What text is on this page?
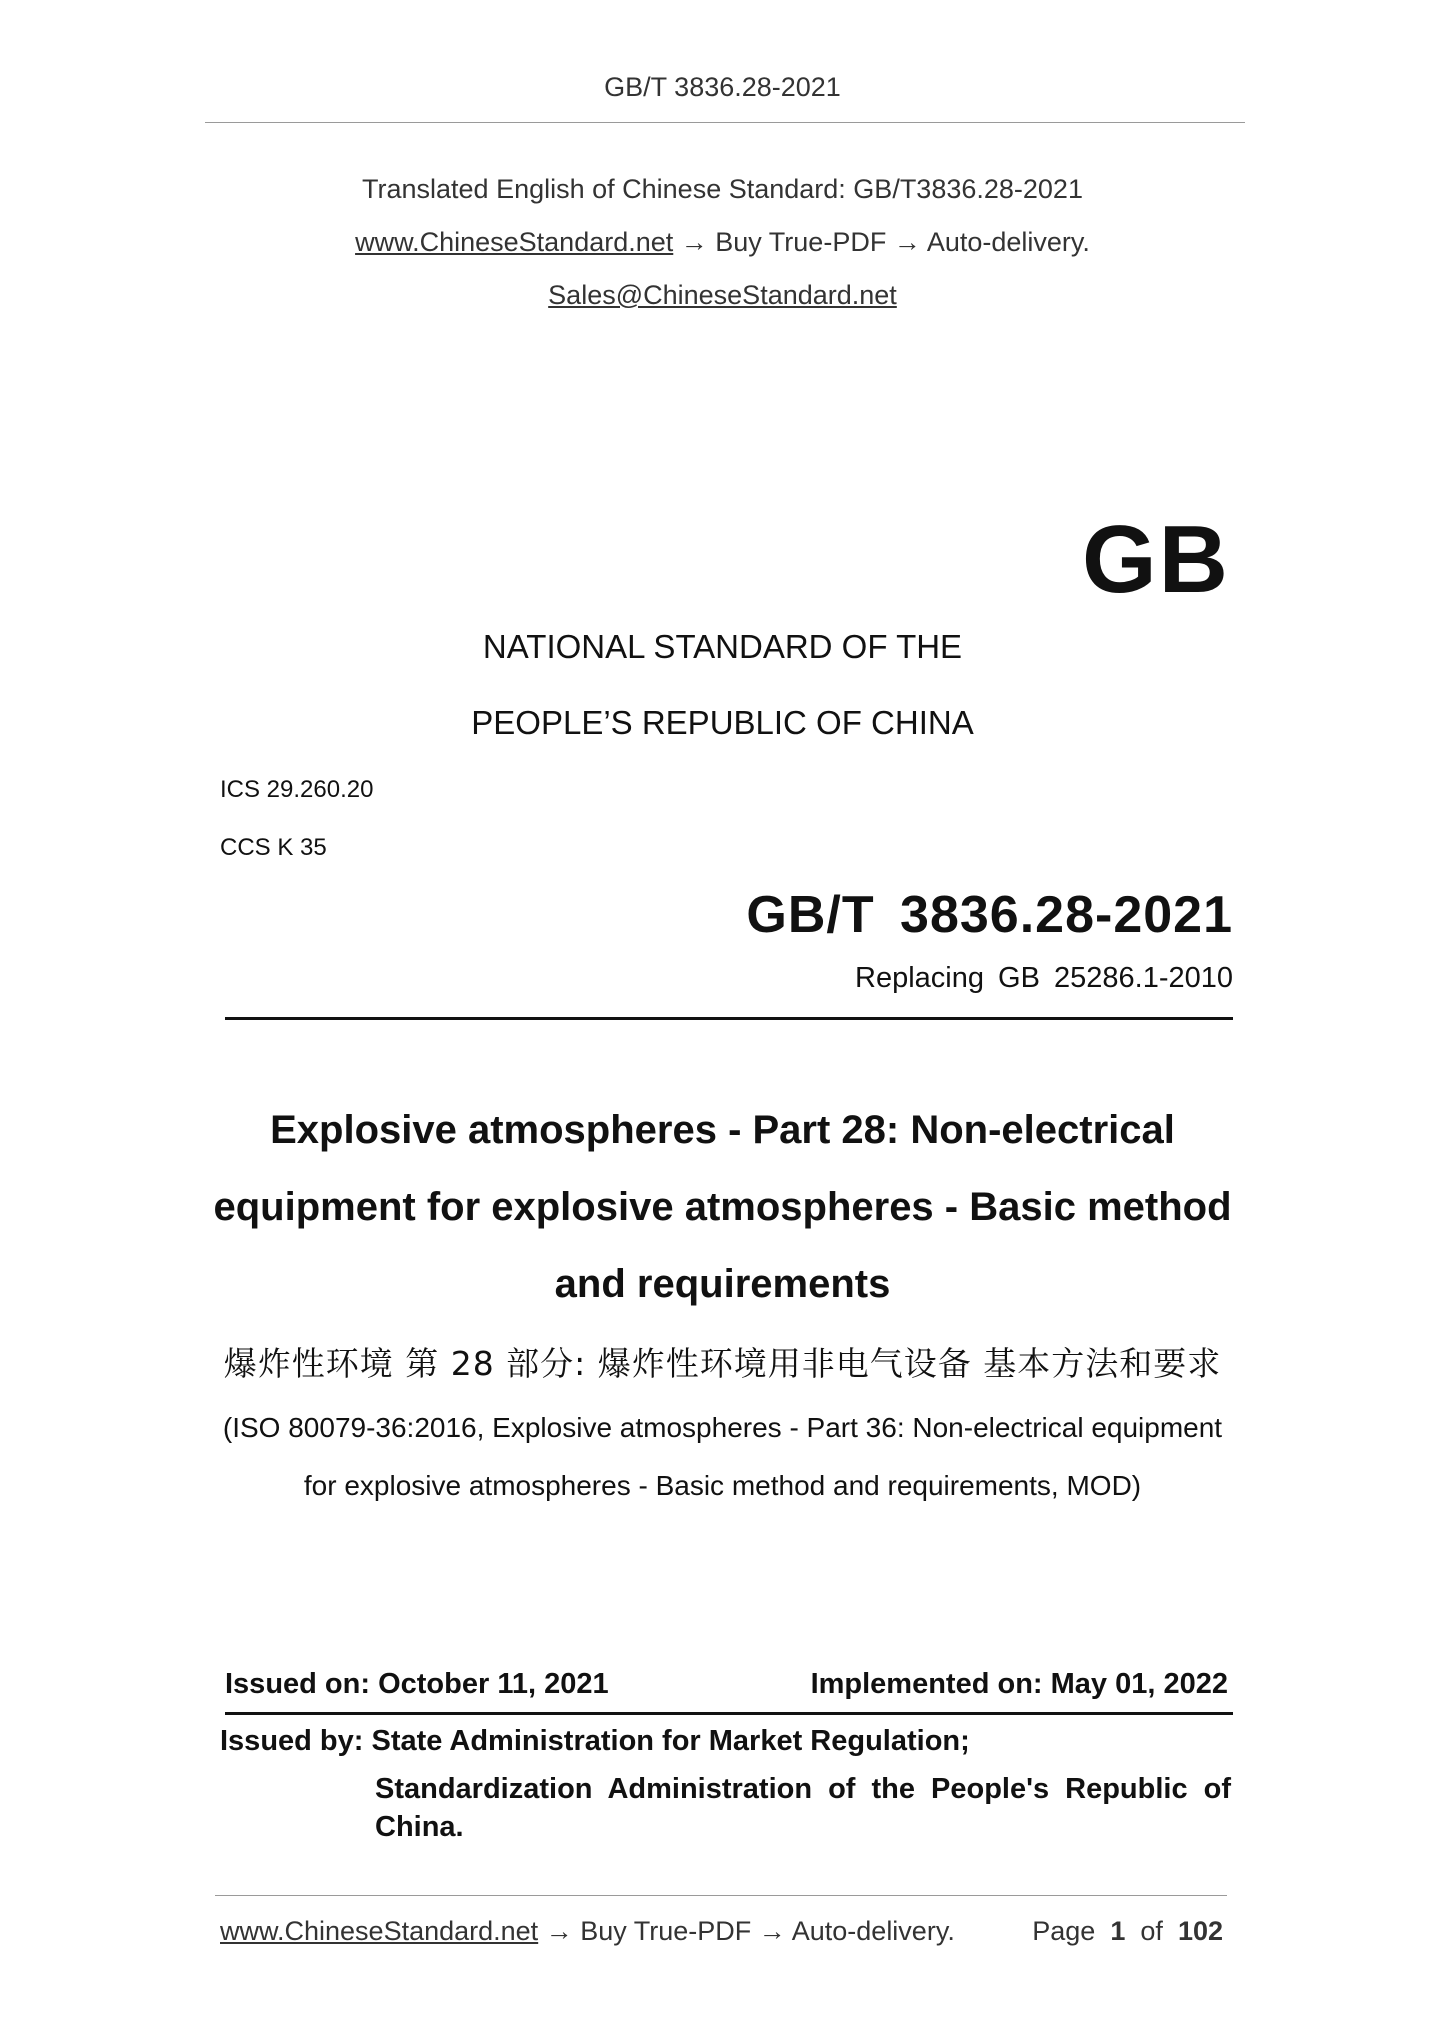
GB/T 3836.28-2021
Translated English of Chinese Standard: GB/T3836.28-2021
www.ChineseStandard.net → Buy True-PDF → Auto-delivery.
Sales@ChineseStandard.net
GB
NATIONAL STANDARD OF THE
PEOPLE’S REPUBLIC OF CHINA
ICS 29.260.20
CCS K 35
GB/T 3836.28-2021
Replacing GB 25286.1-2010
Explosive atmospheres - Part 28: Non-electrical
equipment for explosive atmospheres - Basic method
and requirements
爆炸性环境 第 28 部分: 爆炸性环境用非电气设备 基本方法和要求
(ISO 80079-36:2016, Explosive atmospheres - Part 36: Non-electrical equipment
for explosive atmospheres - Basic method and requirements, MOD)
Issued on: October 11, 2021	Implemented on: May 01, 2022
Issued by: State Administration for Market Regulation;
Standardization Administration of the People's Republic of China.
www.ChineseStandard.net → Buy True-PDF → Auto-delivery.	Page 1 of 102
